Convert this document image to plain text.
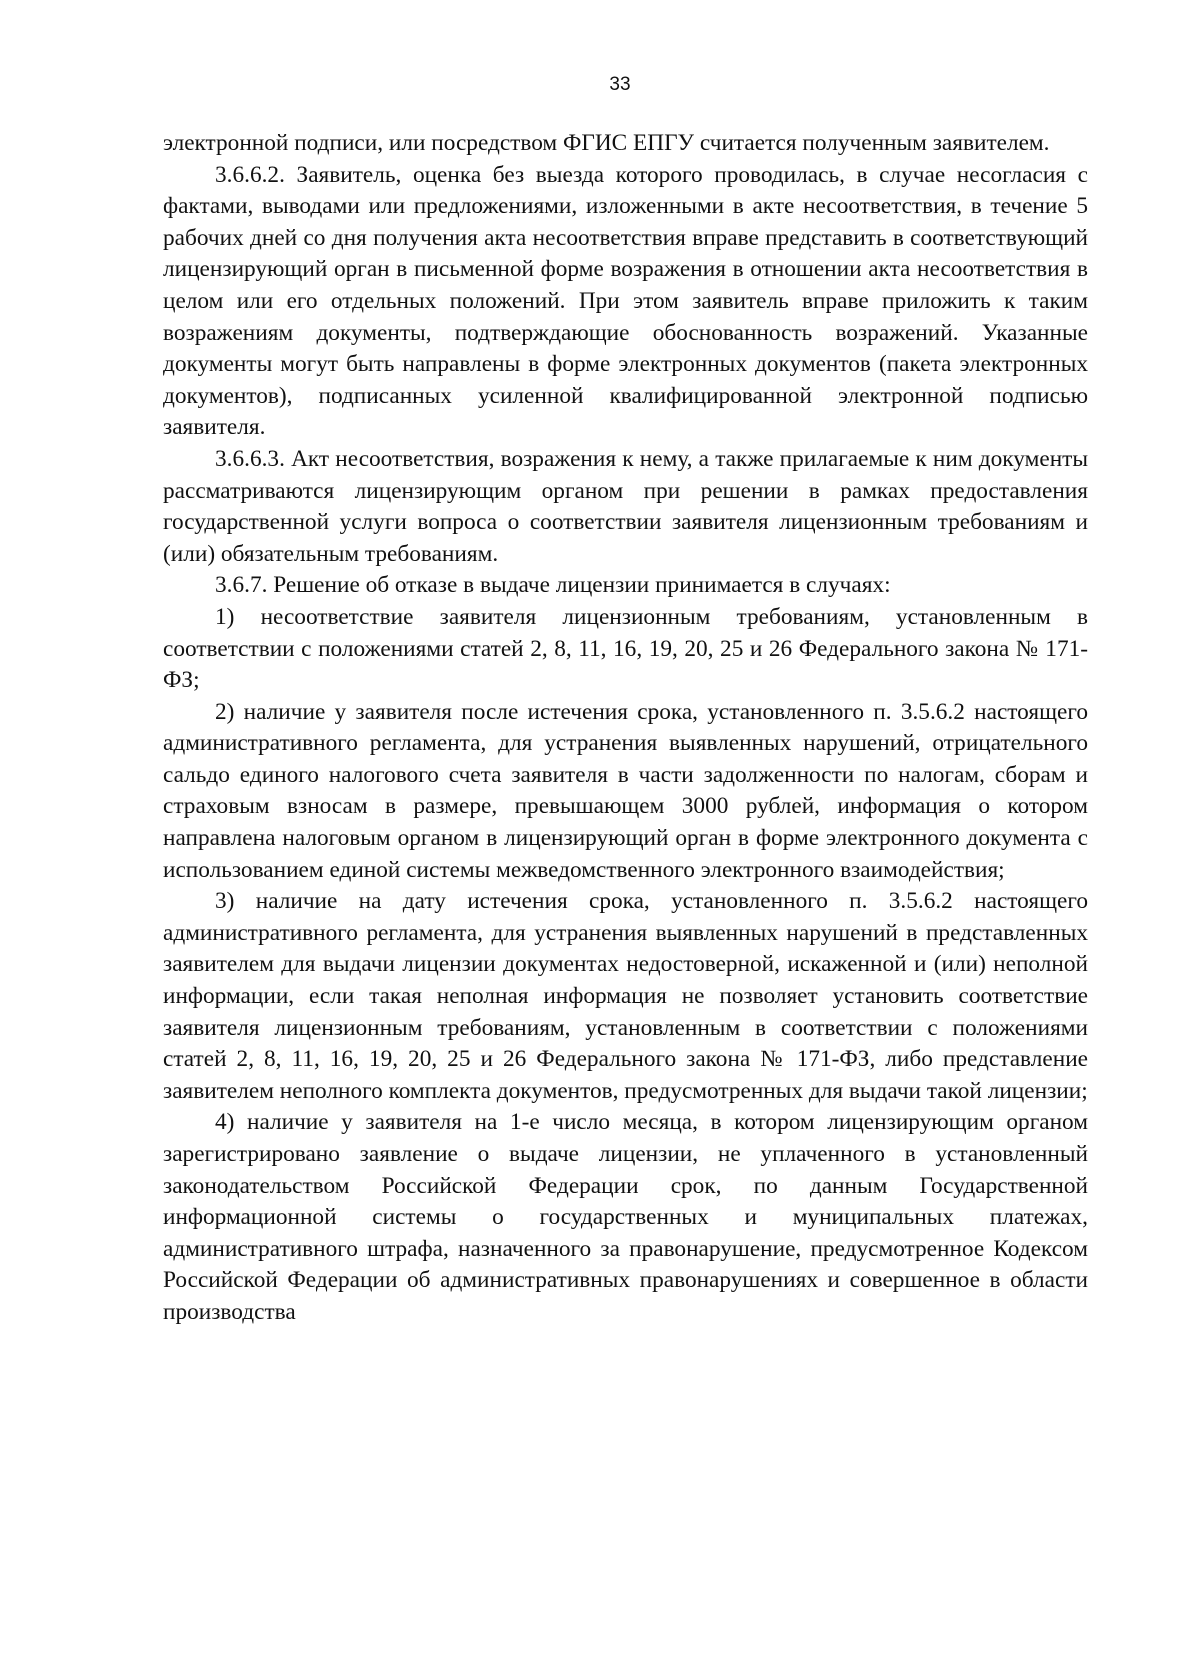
33

электронной подписи, или посредством ФГИС ЕПГУ считается полученным заявителем.

3.6.6.2. Заявитель, оценка без выезда которого проводилась, в случае несогласия с фактами, выводами или предложениями, изложенными в акте несоответствия, в течение 5 рабочих дней со дня получения акта несоответствия вправе представить в соответствующий лицензирующий орган в письменной форме возражения в отношении акта несоответствия в целом или его отдельных положений. При этом заявитель вправе приложить к таким возражениям документы, подтверждающие обоснованность возражений. Указанные документы могут быть направлены в форме электронных документов (пакета электронных документов), подписанных усиленной квалифицированной электронной подписью заявителя.

3.6.6.3. Акт несоответствия, возражения к нему, а также прилагаемые к ним документы рассматриваются лицензирующим органом при решении в рамках предоставления государственной услуги вопроса о соответствии заявителя лицензионным требованиям и (или) обязательным требованиям.

3.6.7. Решение об отказе в выдаче лицензии принимается в случаях:

1) несоответствие заявителя лицензионным требованиям, установленным в соответствии с положениями статей 2, 8, 11, 16, 19, 20, 25 и 26 Федерального закона № 171-ФЗ;

2) наличие у заявителя после истечения срока, установленного п. 3.5.6.2 настоящего административного регламента, для устранения выявленных нарушений, отрицательного сальдо единого налогового счета заявителя в части задолженности по налогам, сборам и страховым взносам в размере, превышающем 3000 рублей, информация о котором направлена налоговым органом в лицензирующий орган в форме электронного документа с использованием единой системы межведомственного электронного взаимодействия;

3) наличие на дату истечения срока, установленного п. 3.5.6.2 настоящего административного регламента, для устранения выявленных нарушений в представленных заявителем для выдачи лицензии документах недостоверной, искаженной и (или) неполной информации, если такая неполная информация не позволяет установить соответствие заявителя лицензионным требованиям, установленным в соответствии с положениями статей 2, 8, 11, 16, 19, 20, 25 и 26 Федерального закона № 171-ФЗ, либо представление заявителем неполного комплекта документов, предусмотренных для выдачи такой лицензии;

4) наличие у заявителя на 1-е число месяца, в котором лицензирующим органом зарегистрировано заявление о выдаче лицензии, не уплаченного в установленный законодательством Российской Федерации срок, по данным Государственной информационной системы о государственных и муниципальных платежах, административного штрафа, назначенного за правонарушение, предусмотренное Кодексом Российской Федерации об административных правонарушениях и совершенное в области производства
